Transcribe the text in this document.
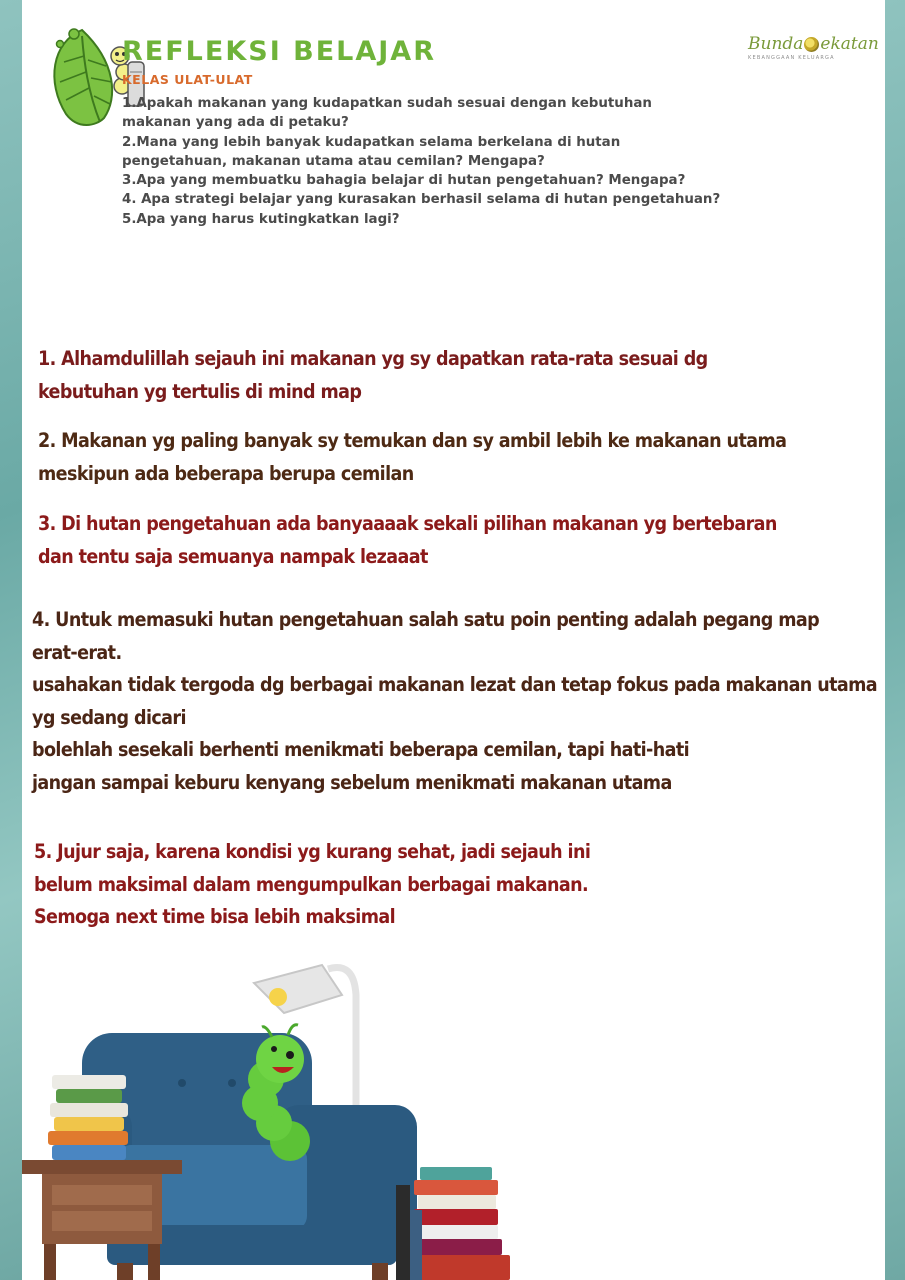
REFLEKSI BELAJAR
KELAS ULAT-ULAT
Bunda ekatan
KEBANGGAAN KELUARGA
1.Apakah makanan yang kudapatkan sudah sesuai dengan kebutuhan
makanan yang ada di petaku?
2.Mana yang lebih banyak kudapatkan selama berkelana di hutan
pengetahuan, makanan utama atau cemilan? Mengapa?
3.Apa yang membuatku bahagia belajar di hutan pengetahuan? Mengapa?
4. Apa strategi belajar yang kurasakan berhasil selama di hutan pengetahuan?
5.Apa yang harus kutingkatkan lagi?
1. Alhamdulillah sejauh ini makanan yg sy dapatkan rata-rata sesuai dg
kebutuhan yg tertulis di mind map
2. Makanan yg paling banyak sy temukan dan sy ambil lebih ke makanan utama
meskipun ada beberapa berupa cemilan
3. Di hutan pengetahuan ada banyaaaak sekali pilihan makanan yg bertebaran
dan tentu saja semuanya nampak lezaaat
4. Untuk memasuki hutan pengetahuan salah satu poin penting adalah pegang map
erat-erat.
usahakan tidak tergoda dg berbagai makanan lezat dan tetap fokus pada makanan utama
yg sedang dicari
bolehlah sesekali berhenti menikmati beberapa cemilan, tapi hati-hati
jangan sampai keburu kenyang sebelum menikmati makanan utama
5. Jujur saja, karena kondisi yg kurang sehat, jadi sejauh ini
belum maksimal dalam mengumpulkan berbagai makanan.
Semoga next time bisa lebih maksimal
